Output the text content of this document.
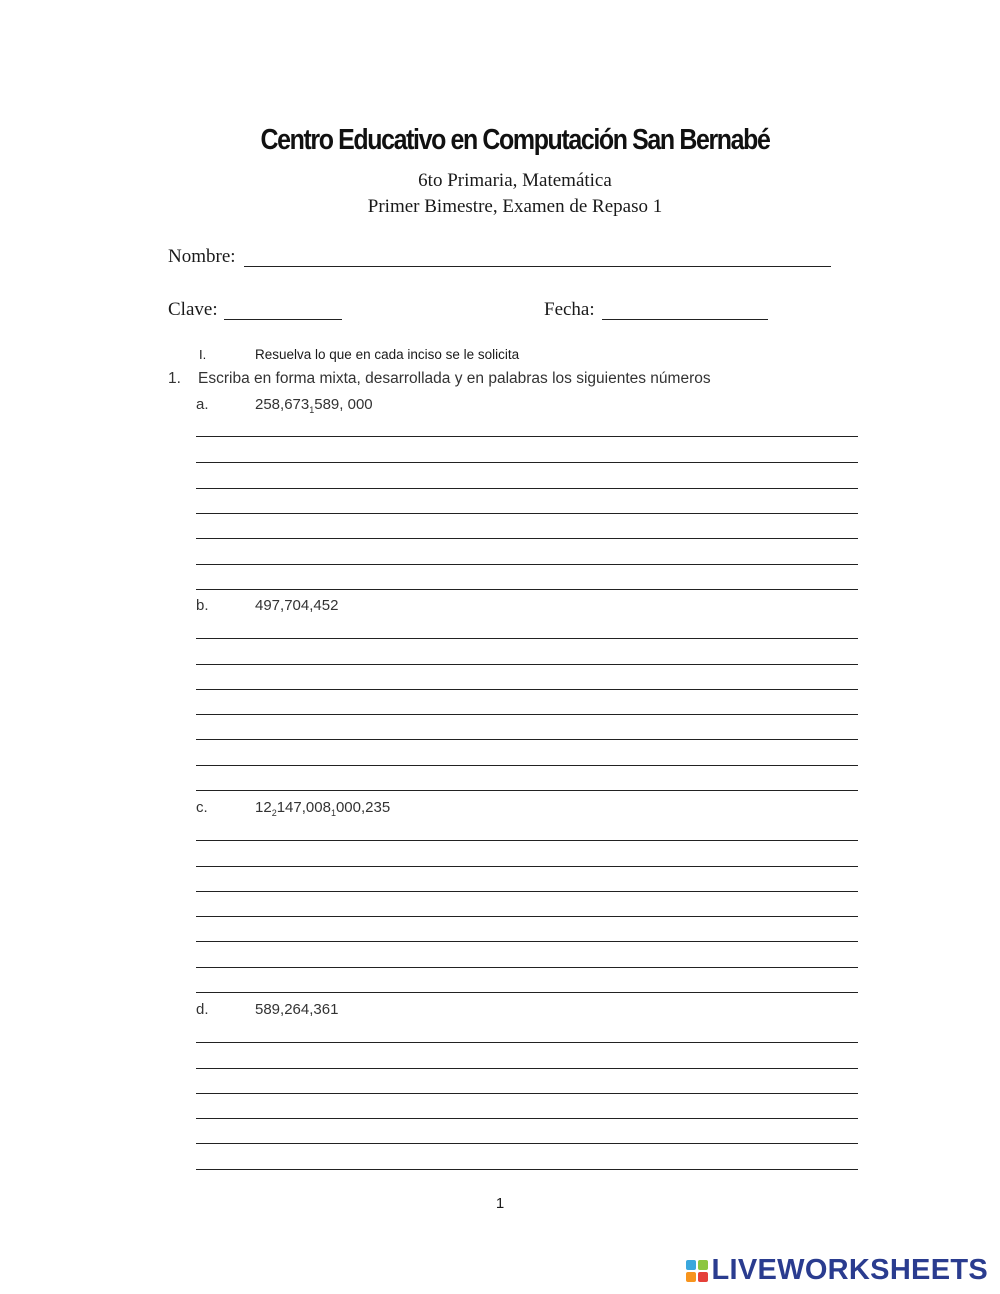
Centro Educativo en Computación San Bernabé
6to Primaria, Matemática
Primer Bimestre, Examen de Repaso 1
Nombre:
Clave:	Fecha:
I.	Resuelva lo que en cada inciso se le solicita
1. Escriba en forma mixta, desarrollada y en palabras los siguientes números
a.	$258,673_1589$, 000
b.	497,704,452
c.	$12_2147,008_1000,235$
d.	589,264,361
1
LIVEWORKSHEETS
